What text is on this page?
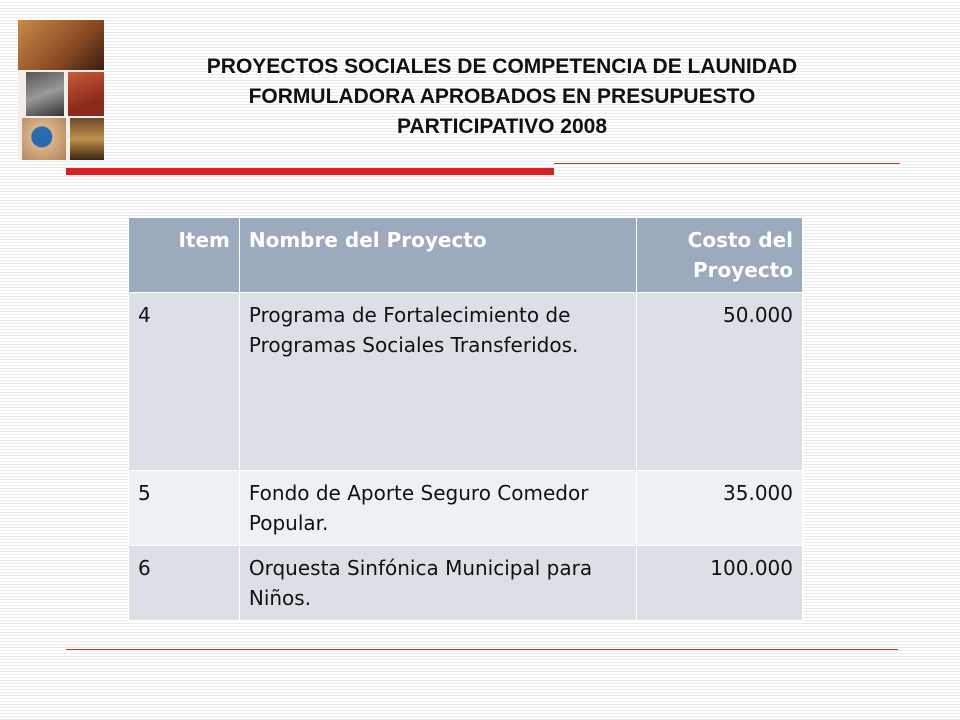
PROYECTOS SOCIALES DE COMPETENCIA DE LAUNIDAD
FORMULADORA APROBADOS EN PRESUPUESTO
PARTICIPATIVO 2008
Item	Nombre del Proyecto	Costo del Proyecto
4	Programa de Fortalecimiento de Programas Sociales Transferidos.	50.000
5	Fondo de Aporte Seguro Comedor Popular.	35.000
6	Orquesta Sinfónica Municipal para Niños.	100.000
